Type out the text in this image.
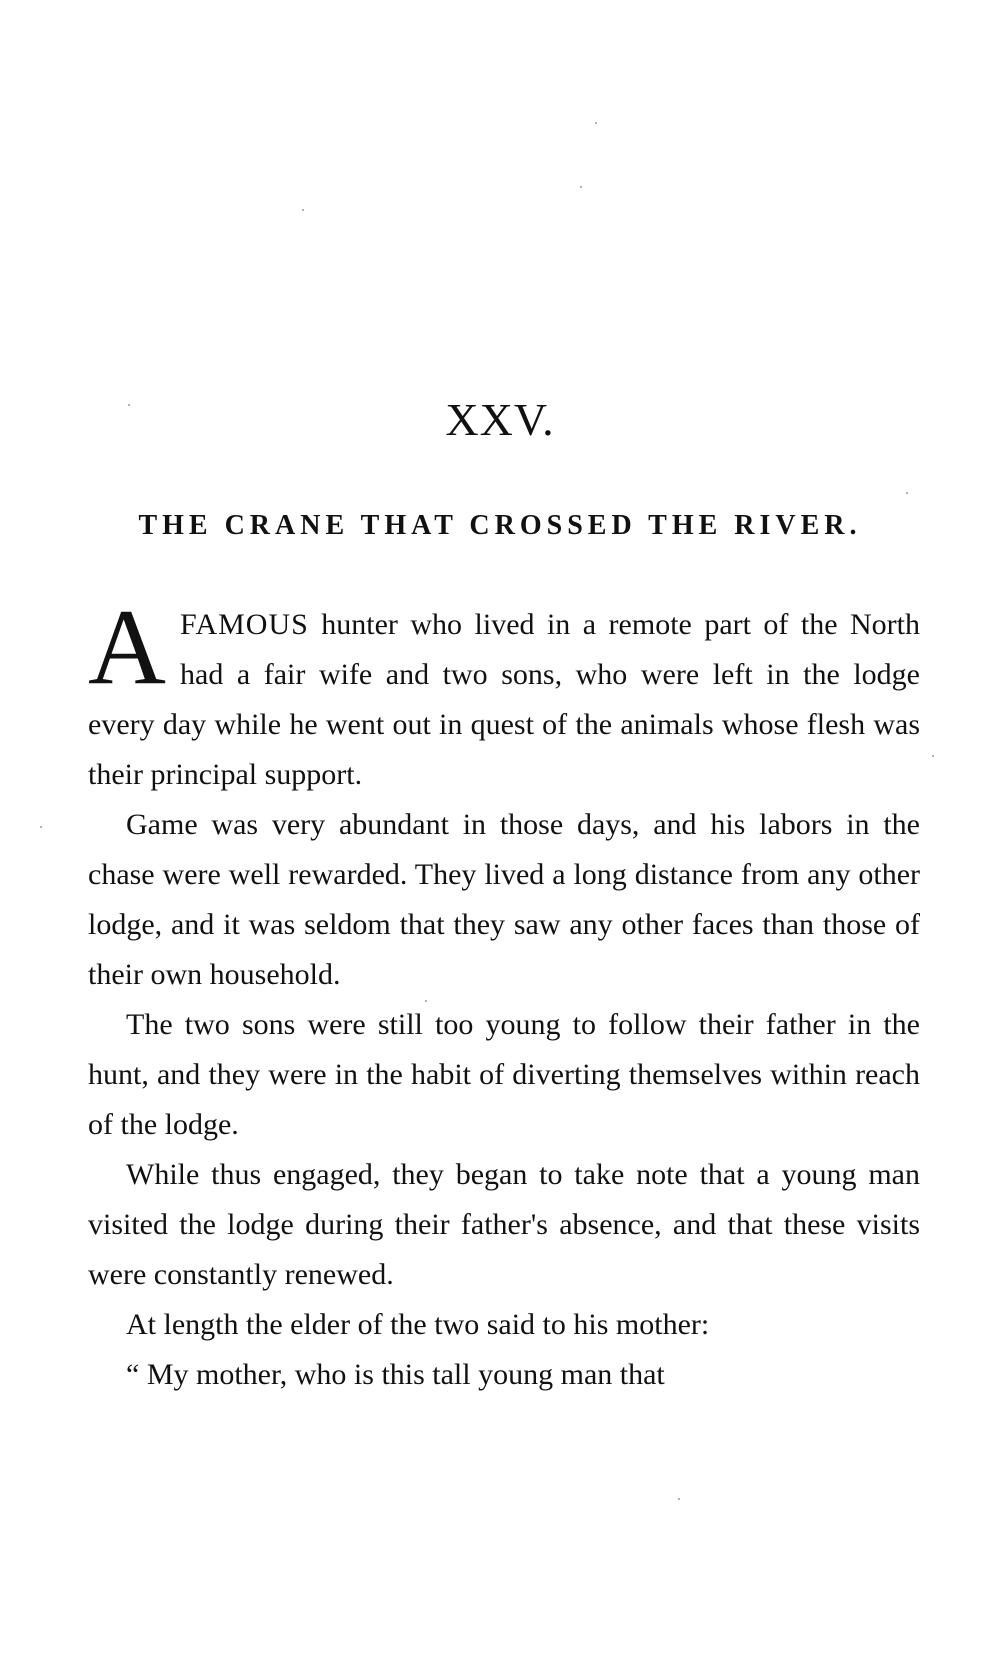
XXV.
THE CRANE THAT CROSSED THE RIVER.

AFAMOUS hunter who lived in a remote part of the North had a fair wife and two sons, who were left in the lodge every day while he went out in quest of the animals whose flesh was their principal support.

Game was very abundant in those days, and his labors in the chase were well rewarded. They lived a long distance from any other lodge, and it was seldom that they saw any other faces than those of their own household.

The two sons were still too young to follow their father in the hunt, and they were in the habit of diverting themselves within reach of the lodge.

While thus engaged, they began to take note that a young man visited the lodge during their father's absence, and that these visits were constantly renewed.

At length the elder of the two said to his mother:

“ My mother, who is this tall young man that
